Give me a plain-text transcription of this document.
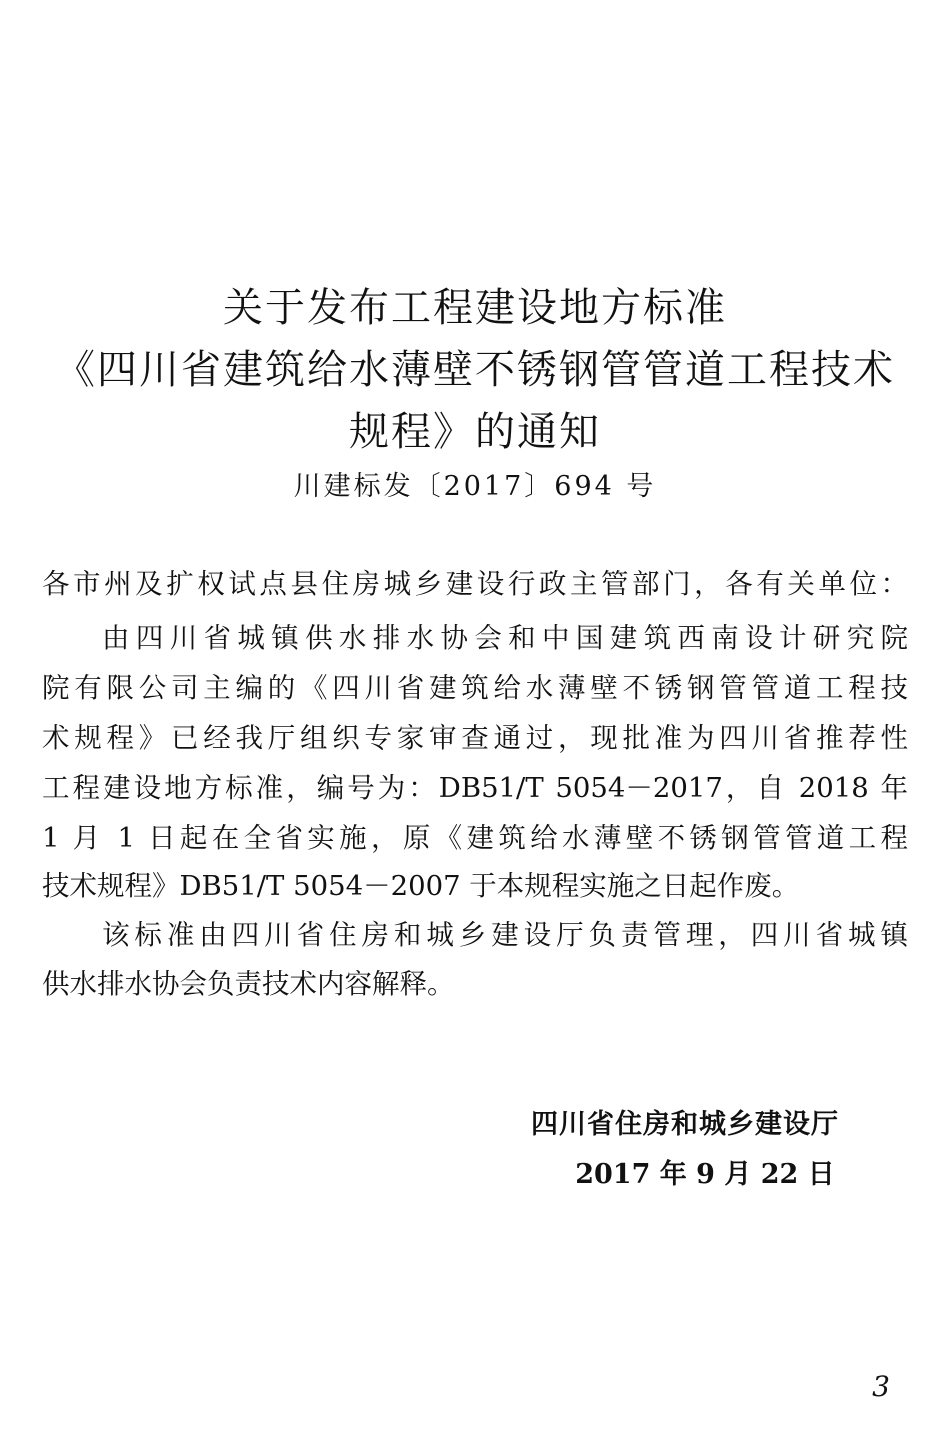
关于发布工程建设地方标准
《四川省建筑给水薄壁不锈钢管管道工程技术
规程》的通知
川建标发〔2017〕694 号
各市州及扩权试点县住房城乡建设行政主管部门，各有关单位：
由四川省城镇供水排水协会和中国建筑西南设计研究院
院有限公司主编的《四川省建筑给水薄壁不锈钢管管道工程技
术规程》已经我厅组织专家审查通过，现批准为四川省推荐性
工程建设地方标准，编号为：DB51/T 5054－2017，自 2018 年
1 月 1 日起在全省实施，原《建筑给水薄壁不锈钢管管道工程
技术规程》DB51/T 5054－2007 于本规程实施之日起作废。
该标准由四川省住房和城乡建设厅负责管理，四川省城镇
供水排水协会负责技术内容解释。
四川省住房和城乡建设厅
2017 年 9 月 22 日
3
